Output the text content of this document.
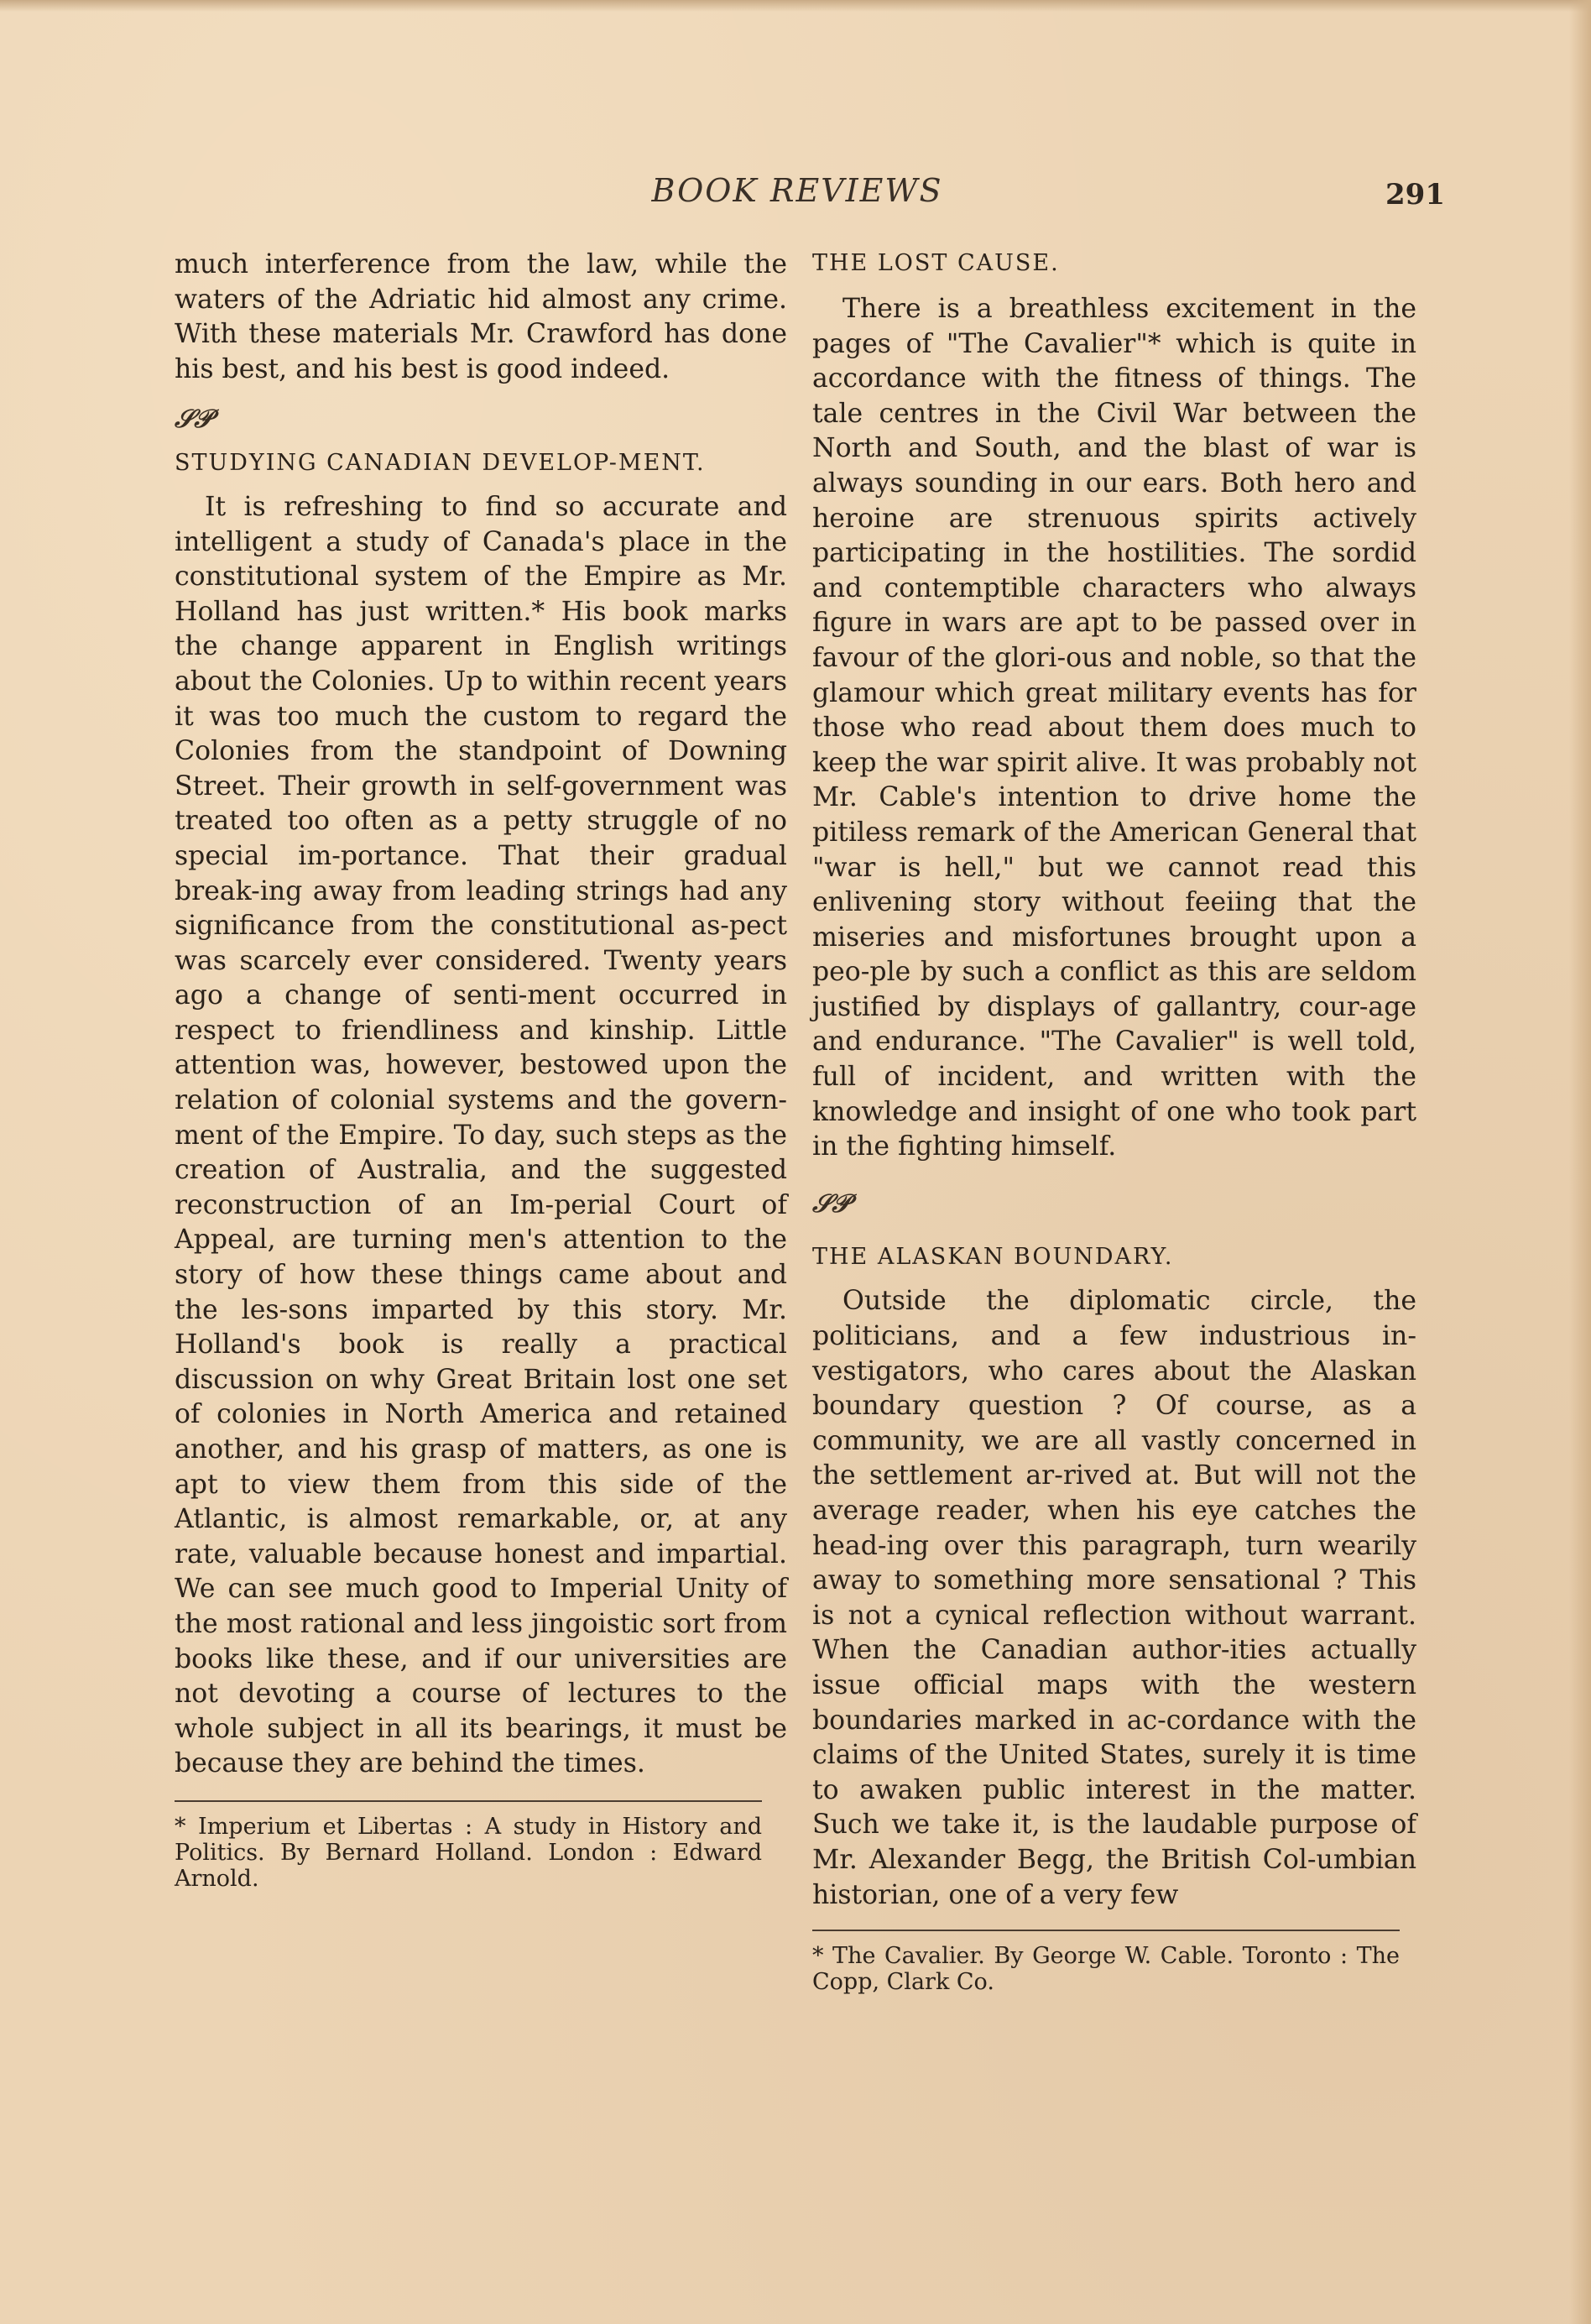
BOOK REVIEWS	291

much interference from the law, while the waters of the Adriatic hid almost any crime. With these materials Mr. Crawford has done his best, and his best is good indeed.

𝒮𝒫

STUDYING CANADIAN DEVELOP-MENT.

It is refreshing to find so accurate and intelligent a study of Canada's place in the constitutional system of the Empire as Mr. Holland has just written.* His book marks the change apparent in English writings about the Colonies. Up to within recent years it was too much the custom to regard the Colonies from the standpoint of Downing Street. Their growth in self-government was treated too often as a petty struggle of no special im-portance. That their gradual break-ing away from leading strings had any significance from the constitutional as-pect was scarcely ever considered. Twenty years ago a change of senti-ment occurred in respect to friendliness and kinship. Little attention was, however, bestowed upon the relation of colonial systems and the govern-ment of the Empire. To day, such steps as the creation of Australia, and the suggested reconstruction of an Im-perial Court of Appeal, are turning men's attention to the story of how these things came about and the les-sons imparted by this story. Mr. Holland's book is really a practical discussion on why Great Britain lost one set of colonies in North America and retained another, and his grasp of matters, as one is apt to view them from this side of the Atlantic, is almost remarkable, or, at any rate, valuable because honest and impartial. We can see much good to Imperial Unity of the most rational and less jingoistic sort from books like these, and if our universities are not devoting a course of lectures to the whole subject in all its bearings, it must be because they are behind the times.

* Imperium et Libertas : A study in History and Politics. By Bernard Holland. London : Edward Arnold.

THE LOST CAUSE.

There is a breathless excitement in the pages of "The Cavalier"* which is quite in accordance with the fitness of things. The tale centres in the Civil War between the North and South, and the blast of war is always sounding in our ears. Both hero and heroine are strenuous spirits actively participating in the hostilities. The sordid and contemptible characters who always figure in wars are apt to be passed over in favour of the glori-ous and noble, so that the glamour which great military events has for those who read about them does much to keep the war spirit alive. It was probably not Mr. Cable's intention to drive home the pitiless remark of the American General that "war is hell," but we cannot read this enlivening story without feeiing that the miseries and misfortunes brought upon a peo-ple by such a conflict as this are seldom justified by displays of gallantry, cour-age and endurance. "The Cavalier" is well told, full of incident, and written with the knowledge and insight of one who took part in the fighting himself.

𝒮𝒫

THE ALASKAN BOUNDARY.

Outside the diplomatic circle, the politicians, and a few industrious in-vestigators, who cares about the Alaskan boundary question ? Of course, as a community, we are all vastly concerned in the settlement ar-rived at. But will not the average reader, when his eye catches the head-ing over this paragraph, turn wearily away to something more sensational ? This is not a cynical reflection without warrant. When the Canadian author-ities actually issue official maps with the western boundaries marked in ac-cordance with the claims of the United States, surely it is time to awaken public interest in the matter. Such we take it, is the laudable purpose of Mr. Alexander Begg, the British Col-umbian historian, one of a very few

* The Cavalier. By George W. Cable. Toronto : The Copp, Clark Co.
